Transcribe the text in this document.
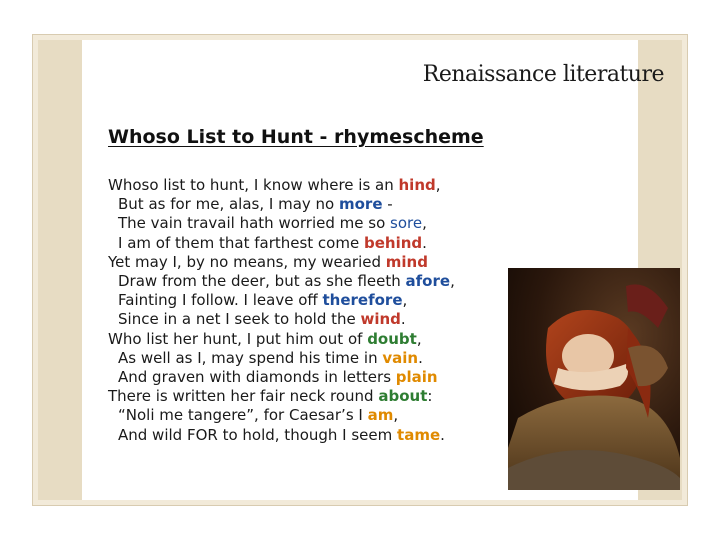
Renaissance literature
Whoso List to Hunt - rhymescheme
Whoso list to hunt, I know where is an hind,
But as for me, alas, I may no more -
The vain travail hath worried me so sore,
I am of them that farthest come behind.
Yet may I, by no means, my wearied mind
Draw from the deer, but as she fleeth afore,
Fainting I follow. I leave off therefore,
Since in a net I seek to hold the wind.
Who list her hunt, I put him out of doubt,
As well as I, may spend his time in vain.
And graven with diamonds in letters plain
There is written her fair neck round about:
“Noli me tangere”, for Caesar’s I am,
And wild FOR to hold, though I seem tame.
